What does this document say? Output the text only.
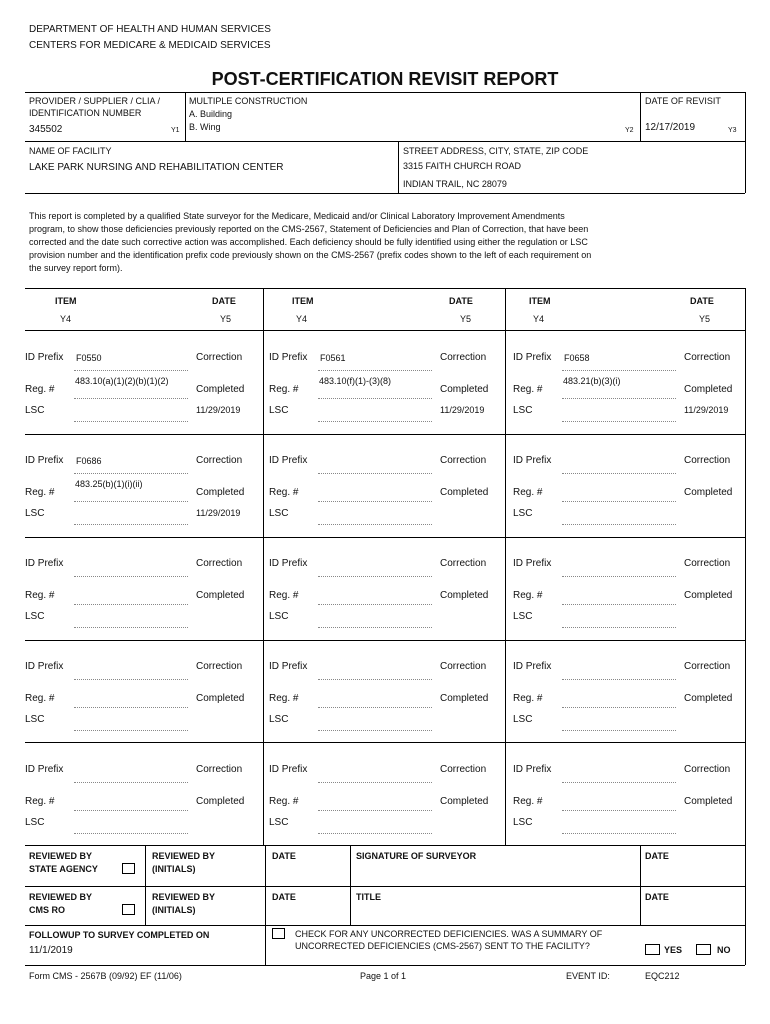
DEPARTMENT OF HEALTH AND HUMAN SERVICES
CENTERS FOR MEDICARE & MEDICAID SERVICES
POST-CERTIFICATION REVISIT REPORT
PROVIDER / SUPPLIER / CLIA /
IDENTIFICATION NUMBER
345502	Y1
MULTIPLE CONSTRUCTION
A. Building
B. Wing	Y2
DATE OF REVISIT
12/17/2019	Y3
NAME OF FACILITY
LAKE PARK NURSING AND REHABILITATION CENTER
STREET ADDRESS, CITY, STATE, ZIP CODE
3315 FAITH CHURCH ROAD
INDIAN TRAIL, NC 28079
This report is completed by a qualified State surveyor for the Medicare, Medicaid and/or Clinical Laboratory Improvement Amendments
program, to show those deficiencies previously reported on the CMS-2567, Statement of Deficiencies and Plan of Correction, that have been
corrected and the date such corrective action was accomplished. Each deficiency should be fully identified using either the regulation or LSC
provision number and the identification prefix code previously shown on the CMS-2567 (prefix codes shown to the left of each requirement on
the survey report form).
ITEM	DATE
Y4	Y5
ITEM	DATE
Y4	Y5
ITEM	DATE
Y4	Y5
ID Prefix F0550	Correction
Reg. #
483.10(a)(1)(2)(b)(1)(2)
Completed
LSC	11/29/2019
ID Prefix F0561	Correction
Reg. #
483.10(f)(1)-(3)(8)
Completed
LSC	11/29/2019
ID Prefix F0658	Correction
Reg. #
483.21(b)(3)(i)
Completed
LSC	11/29/2019
ID Prefix F0686	Correction
Reg. #
483.25(b)(1)(i)(ii)
Completed
LSC	11/29/2019
ID Prefix	Correction
Reg. #	Completed
LSC
ID Prefix	Correction
Reg. #	Completed
LSC
ID Prefix	Correction
Reg. #	Completed
LSC
ID Prefix	Correction
Reg. #	Completed
LSC
ID Prefix	Correction
Reg. #	Completed
LSC
ID Prefix	Correction
Reg. #	Completed
LSC
ID Prefix	Correction
Reg. #	Completed
LSC
ID Prefix	Correction
Reg. #	Completed
LSC
ID Prefix	Correction
Reg. #	Completed
LSC
ID Prefix	Correction
Reg. #	Completed
LSC
ID Prefix	Correction
Reg. #	Completed
LSC
REVIEWED BY
STATE AGENCY
REVIEWED BY
(INITIALS)
DATE	SIGNATURE OF SURVEYOR	DATE
REVIEWED BY
CMS RO
REVIEWED BY
(INITIALS)
DATE	TITLE	DATE
FOLLOWUP TO SURVEY COMPLETED ON
11/1/2019
CHECK FOR ANY UNCORRECTED DEFICIENCIES. WAS A SUMMARY OF
UNCORRECTED DEFICIENCIES (CMS-2567) SENT TO THE FACILITY?	YES	NO
Form CMS - 2567B (09/92) EF (11/06)	Page 1 of 1	EVENT ID:	EQC212
